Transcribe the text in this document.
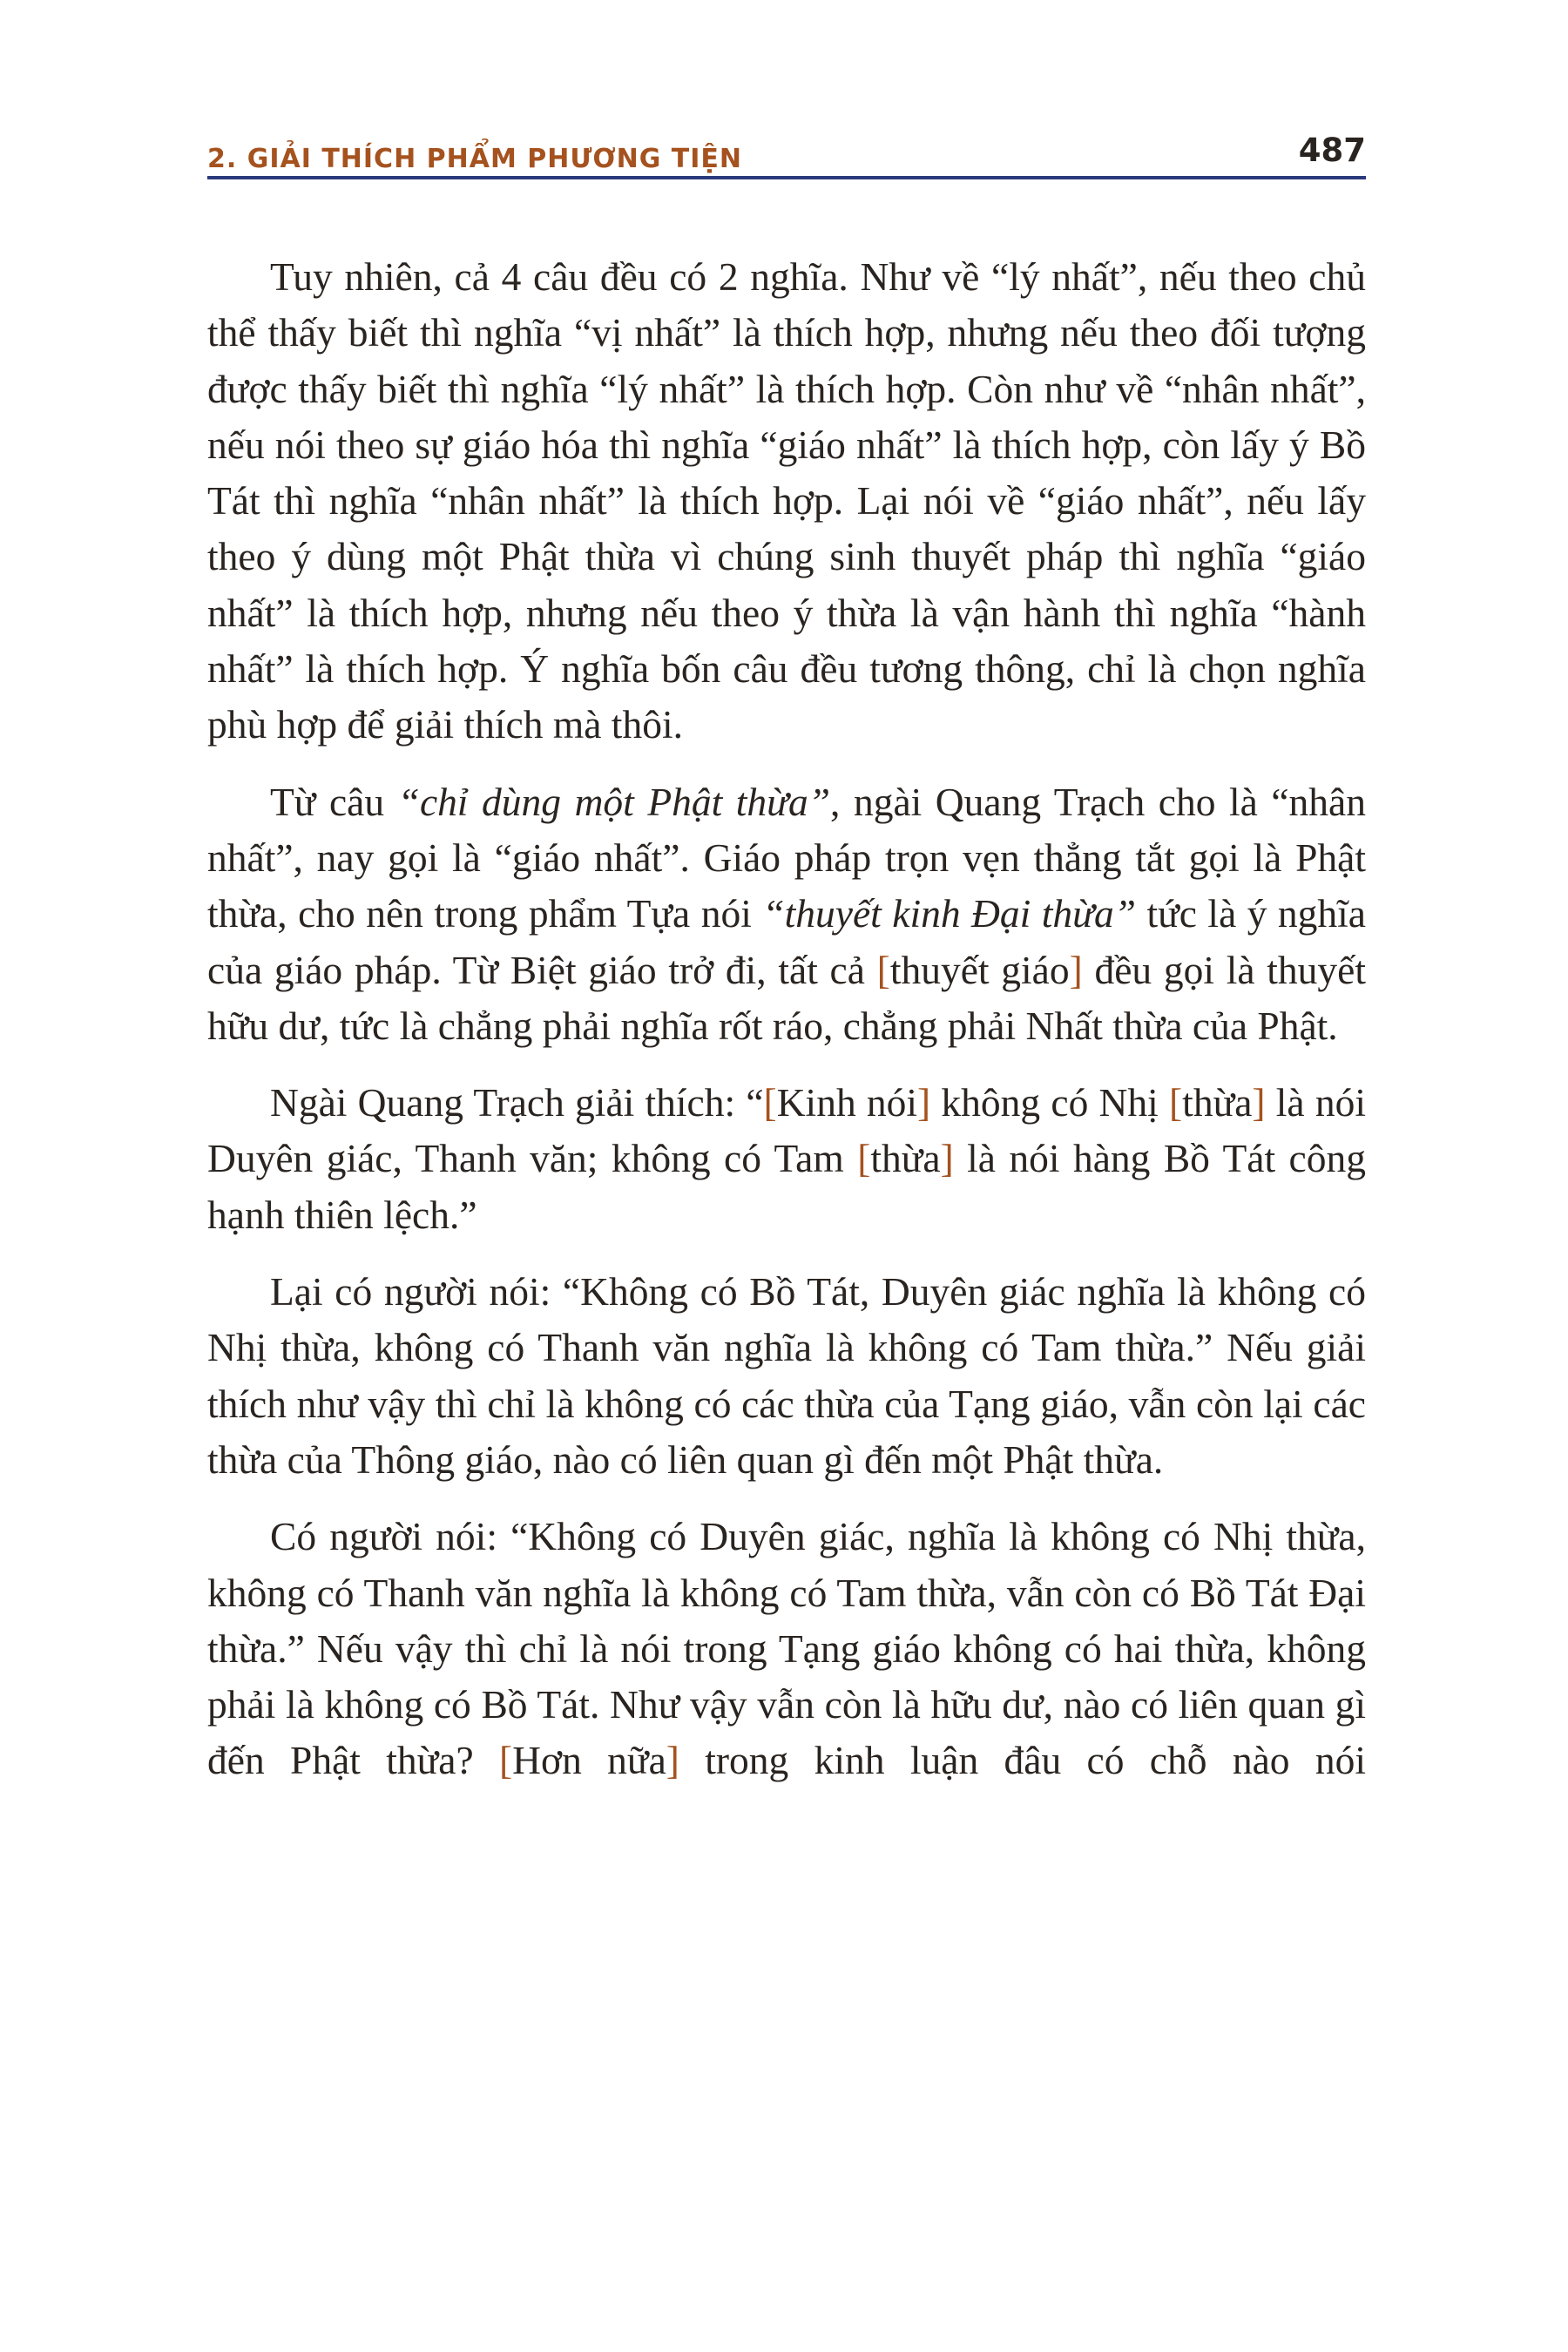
2. GIẢI THÍCH PHẨM PHƯƠNG TIỆN	487

Tuy nhiên, cả 4 câu đều có 2 nghĩa. Như về “lý nhất”, nếu theo chủ thể thấy biết thì nghĩa “vị nhất” là thích hợp, nhưng nếu theo đối tượng được thấy biết thì nghĩa “lý nhất” là thích hợp. Còn như về “nhân nhất”, nếu nói theo sự giáo hóa thì nghĩa “giáo nhất” là thích hợp, còn lấy ý Bồ Tát thì nghĩa “nhân nhất” là thích hợp. Lại nói về “giáo nhất”, nếu lấy theo ý dùng một Phật thừa vì chúng sinh thuyết pháp thì nghĩa “giáo nhất” là thích hợp, nhưng nếu theo ý thừa là vận hành thì nghĩa “hành nhất” là thích hợp. Ý nghĩa bốn câu đều tương thông, chỉ là chọn nghĩa phù hợp để giải thích mà thôi.

Từ câu “chỉ dùng một Phật thừa”, ngài Quang Trạch cho là “nhân nhất”, nay gọi là “giáo nhất”. Giáo pháp trọn vẹn thẳng tắt gọi là Phật thừa, cho nên trong phẩm Tựa nói “thuyết kinh Đại thừa” tức là ý nghĩa của giáo pháp. Từ Biệt giáo trở đi, tất cả [thuyết giáo] đều gọi là thuyết hữu dư, tức là chẳng phải nghĩa rốt ráo, chẳng phải Nhất thừa của Phật.

Ngài Quang Trạch giải thích: “[Kinh nói] không có Nhị [thừa] là nói Duyên giác, Thanh văn; không có Tam [thừa] là nói hàng Bồ Tát công hạnh thiên lệch.”

Lại có người nói: “Không có Bồ Tát, Duyên giác nghĩa là không có Nhị thừa, không có Thanh văn nghĩa là không có Tam thừa.” Nếu giải thích như vậy thì chỉ là không có các thừa của Tạng giáo, vẫn còn lại các thừa của Thông giáo, nào có liên quan gì đến một Phật thừa.

Có người nói: “Không có Duyên giác, nghĩa là không có Nhị thừa, không có Thanh văn nghĩa là không có Tam thừa, vẫn còn có Bồ Tát Đại thừa.” Nếu vậy thì chỉ là nói trong Tạng giáo không có hai thừa, không phải là không có Bồ Tát. Như vậy vẫn còn là hữu dư, nào có liên quan gì đến Phật thừa? [Hơn nữa] trong kinh luận đâu có chỗ nào nói
